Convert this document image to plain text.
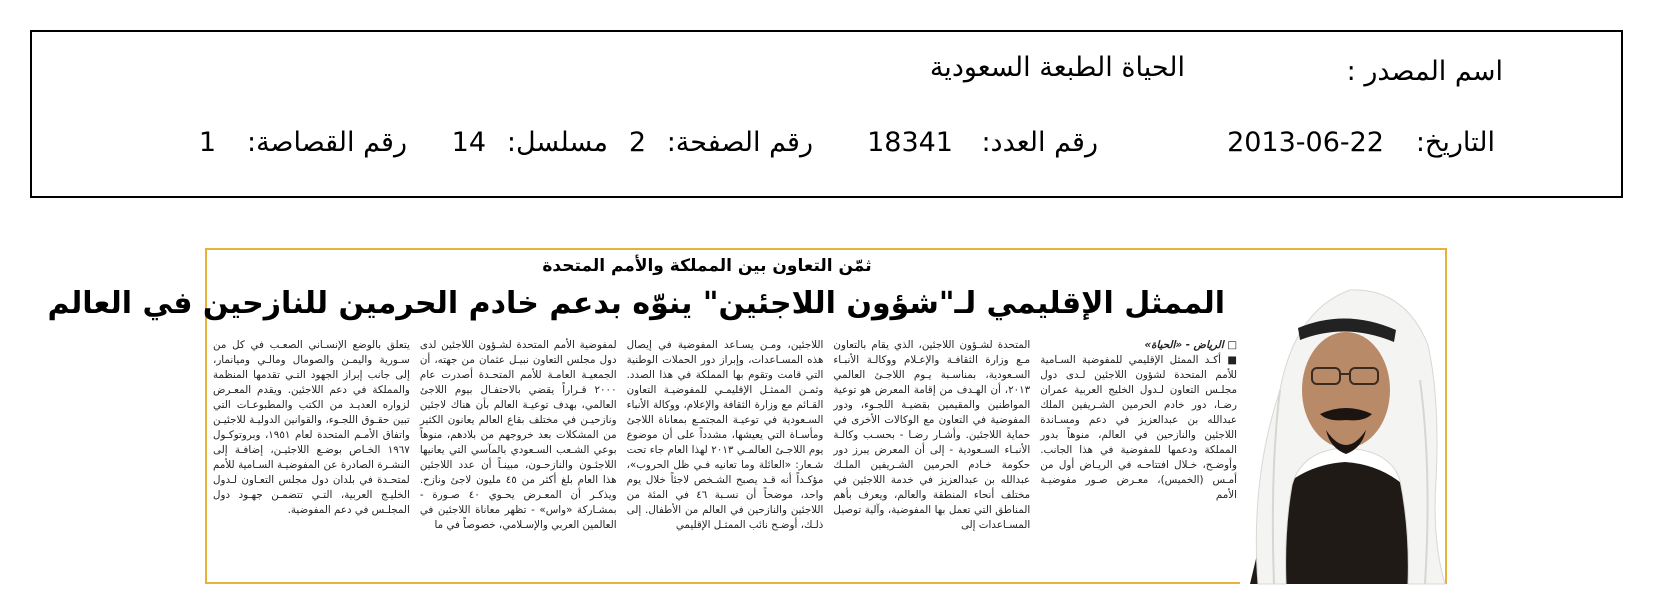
اسم المصدر :
الحياة الطبعة السعودية
التاريخ:
2013-06-22
رقم العدد:
18341
رقم الصفحة:
2
مسلسل:
14
رقم القصاصة:
1
ثمّن التعاون بين المملكة والأمم المتحدة
الممثل الإقليمي لـ"شؤون اللاجئين" ينوّه بدعم خادم الحرمين للنازحين في العالم
□ الرياض - «الحياة»
■ أكـد الممثل الإقليمي للمفوضية السـامية للأمم المتحدة لشؤون اللاجئين لـدى دول مجلـس التعاون لـدول الخليج العربية عمران رضـا، دور خادم الحرمين الشـريفين الملك عبدالله بن عبدالعزيز في دعم ومسـاندة اللاجئين والنازحين في العالم، منوهاً بدور المملكة ودعمها للمفوضية في هذا الجانب. وأوضـح، خـلال افتتاحـه في الريـاض أول من أمـس (الخميس)، معـرض صـور مفوضيـة الأمم
المتحدة لشـؤون اللاجئين، الذي يقام بالتعاون مـع وزارة الثقافـة والإعـلام ووكالـة الأنبـاء السـعودية، بمناسـبة يـوم اللاجـئ العالمي ٢٠١٣، أن الهـدف من إقامة المعرض هو توعية المواطنين والمقيمين بقضيـة اللجـوء، ودور المفوضية في التعاون مع الوكالات الأخرى في حماية اللاجئين. وأشـار رضـا - بحسـب وكالـة الأنبـاء السـعودية - إلى أن المعرض يبرز دور حكومة خـادم الحرمين الشـريفين الملـك عبدالله بن عبدالعزيز في خدمة اللاجئين في مختلف أنحاء المنطقة والعالم، ويعرف بأهم المناطق التي تعمل بها المفوضية، وآلية توصيل المسـاعدات إلى
اللاجئين، ومـن يسـاعد المفوضية في إيصال هذه المسـاعدات، وإبراز دور الحملات الوطنية التي قامت وتقوم بها المملكة في هذا الصدد. وثمـن الممثـل الإقليمـي للمفوضيـة التعاون القـائم مع وزارة الثقافة والإعلام، ووكالة الأنباء السـعودية في توعيـة المجتمـع بمعاناة اللاجئ ومأسـاة التي يعيشها، مشدداً على أن موضوع يوم اللاجـئ العالمـي ٢٠١٣ لهذا العام جاء تحت شـعار: «العائلة وما تعانيه فـي ظل الحروب»، مؤكـداً أنه قـد يصبح الشـخص لاجئاً خلال يوم واحد، موضحاً أن نسـبة ٤٦ في المئة من اللاجئين والنازحين في العالم من الأطفال. إلى ذلـك، أوضـح نائب الممثـل الإقليمي
لمفوضية الأمم المتحدة لشـؤون اللاجئين لدى دول مجلس التعاون نبيـل عثمان من جهته، أن الجمعيـة العامـة للأمم المتحـدة أصدرت عام ٢٠٠٠ قـراراً يقضي بالاحتفـال بيوم اللاجئ العالمي، بهدف توعيـة العالم بأن هناك لاجئين ونازحيـن في مختلف بقاع العالم يعانون الكثير من المشكلات بعد خروجهم من بلادهم، منوهاً بوعي الشـعب السـعودي بالمآسي التي يعانيها اللاجئـون والنازحـون، مبينـاً أن عدد اللاجئين هذا العام بلغ أكثر من ٤٥ مليون لاجئ ونازح. ويذكـر أن المعـرض يحـوي ٤٠ صـورة - بمشـاركة «واس» - تظهر معاناة اللاجئين في العالمين العربي والإسـلامي، خصوصاً في ما
يتعلق بالوضع الإنسـاني الصعـب في كل من سـورية واليمـن والصومال ومالـي وميانمار، إلى جانب إبراز الجهود التـي تقدمها المنظمة والمملكة في دعم اللاجئين. ويقدم المعـرض لزواره العديـد من الكتب والمطبوعـات التي تبين حقـوق اللجـوء، والقوانين الدوليـة للاجئيـن واتفاق الأمـم المتحدة لعام ١٩٥١، وبروتوكـول ١٩٦٧ الخـاص بوضـع اللاجئيـن، إضافـة إلى النشـرة الصادرة عن المفوضيـة السـامية للأمم لمتحـدة في بلدان دول مجلس التعـاون لـدول الخليـج العربية، التـي تتضمـن جهـود دول المجلـس في دعم المفوضية.
